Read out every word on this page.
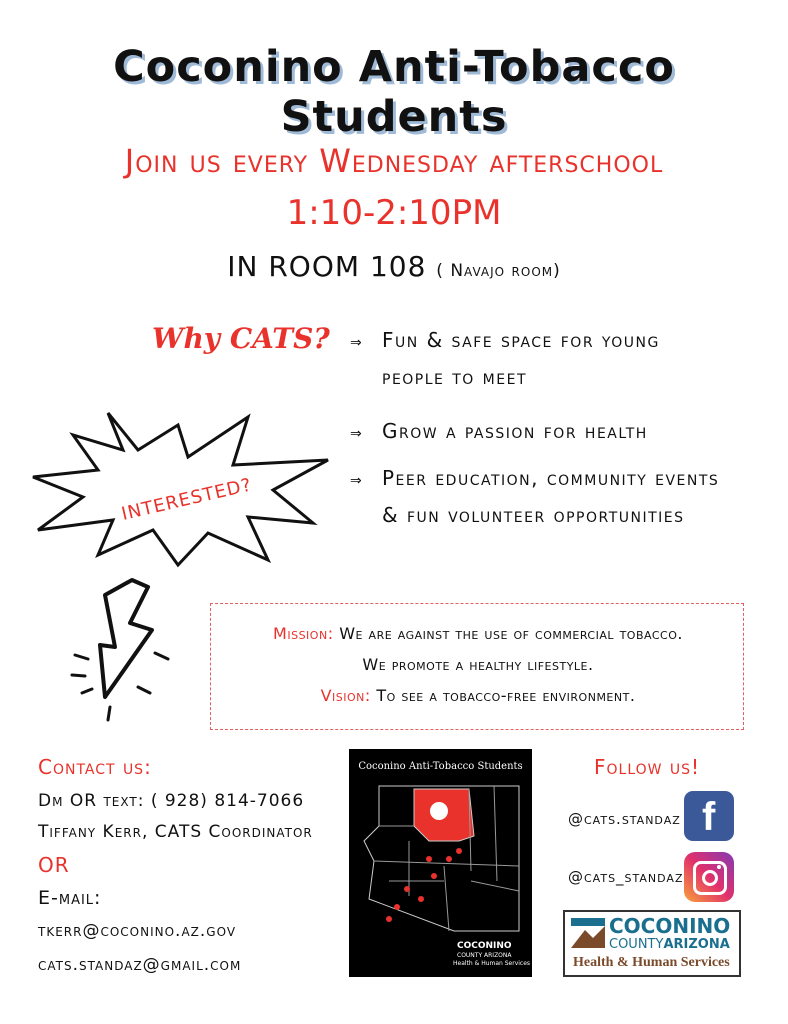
Coconino Anti-Tobacco Students
Join us every Wednesday afterschool
1:10-2:10PM
IN ROOM 108 ( Navajo room)
Why CATS? ⇒ Fun & safe space for young people to meet
⇒ Grow a passion for health
⇒ Peer education, community events & fun volunteer opportunities
INTERESTED?
Mission: We are against the use of commercial tobacco.
We promote a healthy lifestyle.
Vision: To see a tobacco-free environment.
Contact us:
Dm OR text: ( 928) 814-7066
Tiffany Kerr, CATS Coordinator
OR
E-mail:
tkerr@coconino.az.gov
cats.standaz@gmail.com
Coconino Anti-Tobacco Students
COCONINO
COUNTY ARIZONA
Health & Human Services
Follow us!
@cats.standaz f
@cats_standaz
COCONINO
COUNTYARIZONA
Health & Human Services
